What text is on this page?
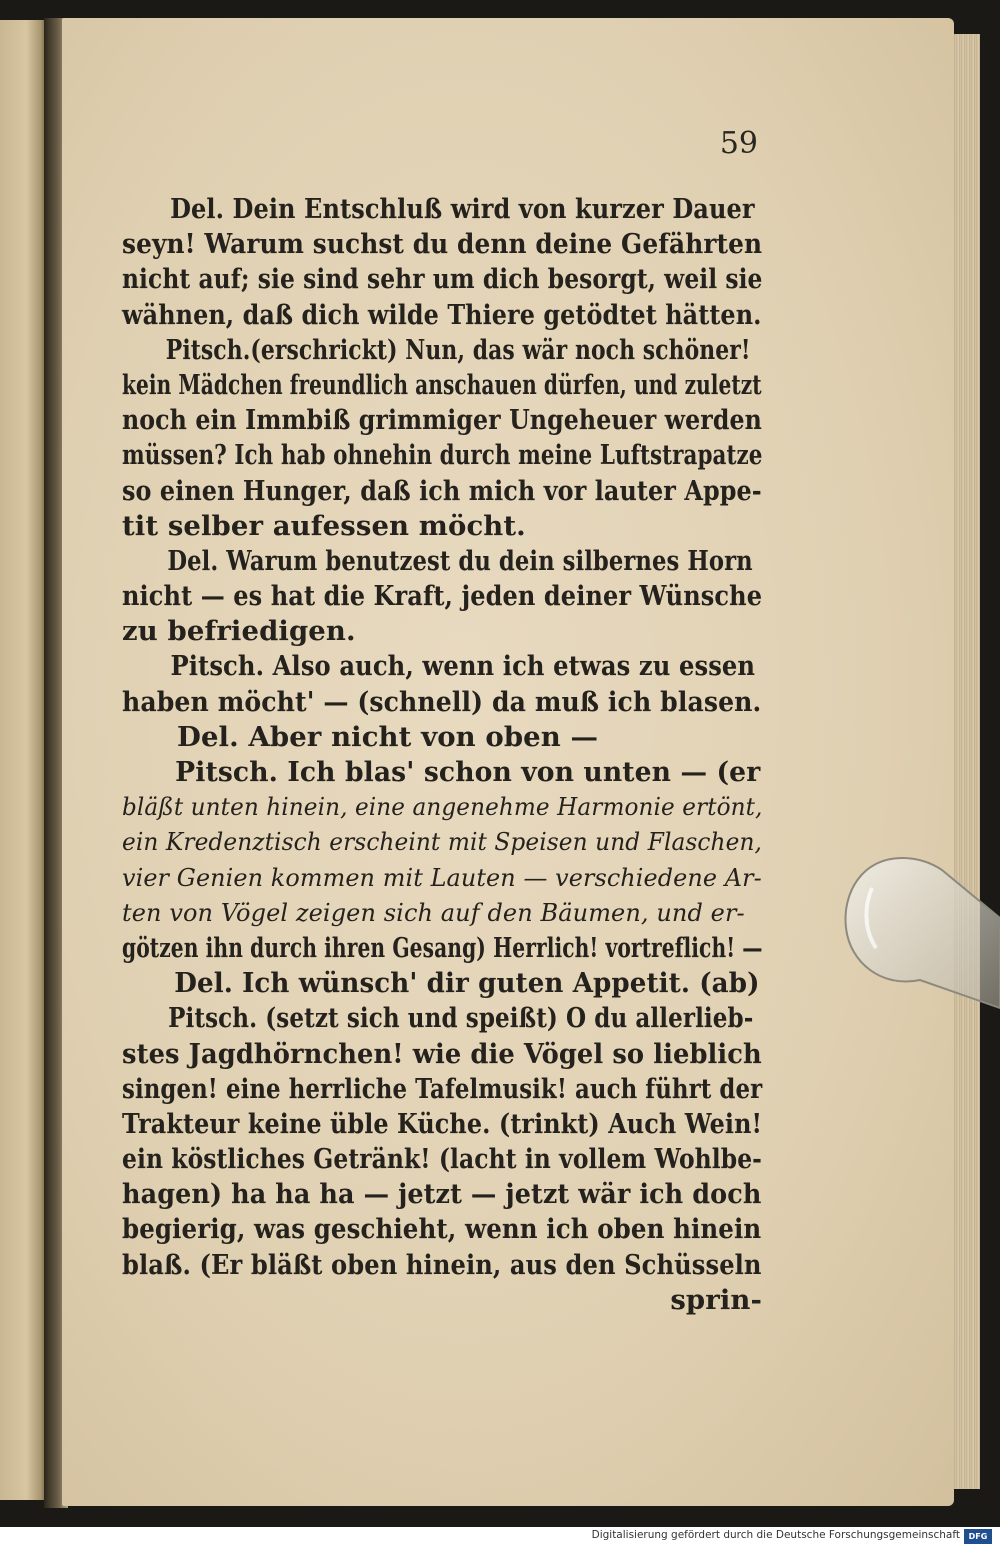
59
Del. Dein Entschluß wird von kurzer Dauer
seyn! Warum suchst du denn deine Gefährten
nicht auf; sie sind sehr um dich besorgt, weil sie
wähnen, daß dich wilde Thiere getödtet hätten.
Pitsch.(erschrickt) Nun, das wär noch schöner!
kein Mädchen freundlich anschauen dürfen, und zuletzt
noch ein Immbiß grimmiger Ungeheuer werden
müssen? Ich hab ohnehin durch meine Luftstrapatze
so einen Hunger, daß ich mich vor lauter Appe-
tit selber aufessen möcht.
Del. Warum benutzest du dein silbernes Horn
nicht — es hat die Kraft, jeden deiner Wünsche
zu befriedigen.
Pitsch. Also auch, wenn ich etwas zu essen
haben möcht' — (schnell) da muß ich blasen.
Del. Aber nicht von oben —
Pitsch. Ich blas' schon von unten — (er
bläßt unten hinein, eine angenehme Harmonie ertönt,
ein Kredenztisch erscheint mit Speisen und Flaschen,
vier Genien kommen mit Lauten — verschiedene Ar-
ten von Vögel zeigen sich auf den Bäumen, und er-
götzen ihn durch ihren Gesang) Herrlich! vortreflich! —
Del. Ich wünsch' dir guten Appetit. (ab)
Pitsch. (setzt sich und speißt) O du allerlieb-
stes Jagdhörnchen! wie die Vögel so lieblich
singen! eine herrliche Tafelmusik! auch führt der
Trakteur keine üble Küche. (trinkt) Auch Wein!
ein köstliches Getränk! (lacht in vollem Wohlbe-
hagen) ha ha ha — jetzt — jetzt wär ich doch
begierig, was geschieht, wenn ich oben hinein
blaß. (Er bläßt oben hinein, aus den Schüsseln
sprin-
Digitalisierung gefördert durch die Deutsche Forschungsgemeinschaft	DFG
